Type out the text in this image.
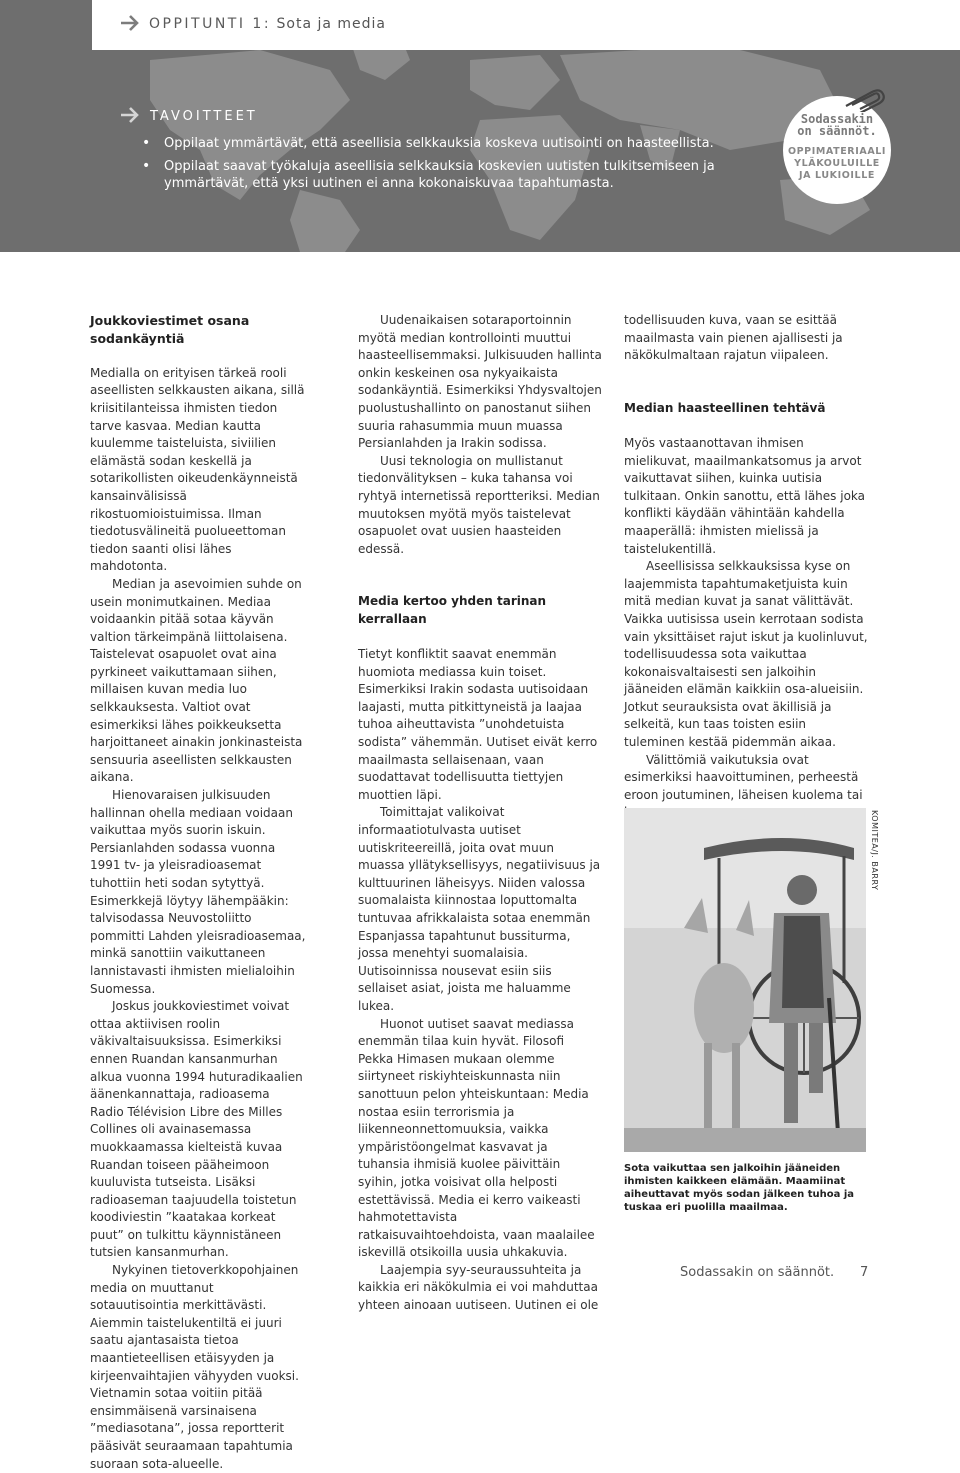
OPPITUNTI 1: Sota ja media
TAVOITTEET
• Oppilaat ymmärtävät, että aseellisia selkkauksia koskeva uutisointi on haasteellista.
• Oppilaat saavat työkaluja aseellisia selkkauksia koskevien uutisten tulkitsemiseen ja ymmärtävät, että yksi uutinen ei anna kokonaiskuvaa tapahtumasta.
Sodassakin
on säännöt.
OPPIMATERIAALI
YLÄKOULUILLE
JA LUKIOILLE
Joukkoviestimet osana sodankäyntiä

Medialla on erityisen tärkeä rooli aseellisten selkkausten aikana, sillä kriisitilanteissa ihmisten tiedon tarve kasvaa. Median kautta kuulemme taisteluista, siviilien elämästä sodan keskellä ja sotarikollisten oikeudenkäynneistä kansainvälisissä rikostuomioistuimissa. Ilman tiedotusvälineitä puolueettoman tiedon saanti olisi lähes mahdotonta.

Median ja asevoimien suhde on usein monimutkainen. Mediaa voidaankin pitää sotaa käyvän valtion tärkeimpänä liittolaisena. Taistelevat osapuolet ovat aina pyrkineet vaikuttamaan siihen, millaisen kuvan media luo selkkauksesta. Valtiot ovat esimerkiksi lähes poikkeuksetta harjoittaneet ainakin jonkinasteista sensuuria aseellisten selkkausten aikana.

Hienovaraisen julkisuuden hallinnan ohella mediaan voidaan vaikuttaa myös suorin iskuin. Persianlahden sodassa vuonna 1991 tv- ja yleisradioasemat tuhottiin heti sodan sytyttyä. Esimerkkejä löytyy lähempääkin: talvisodassa Neuvostoliitto pommitti Lahden yleisradioasemaa, minkä sanottiin vaikuttaneen lannistavasti ihmisten mielialoihin Suomessa.

Joskus joukkoviestimet voivat ottaa aktiivisen roolin väkivaltaisuuksissa. Esimerkiksi ennen Ruandan kansanmurhan alkua vuonna 1994 huturadikaalien äänenkannattaja, radioasema Radio Télévision Libre des Milles Collines oli avainasemassa muokkaamassa kielteistä kuvaa Ruandan toiseen pääheimoon kuuluvista tutseista. Lisäksi radioaseman taajuudella toistetun koodiviestin ”kaatakaa korkeat puut” on tulkittu käynnistäneen tutsien kansanmurhan.

Nykyinen tietoverkkopohjainen media on muuttanut sotauutisointia merkittävästi. Aiemmin taistelukentiltä ei juuri saatu ajantasaista tietoa maantieteellisen etäisyyden ja kirjeenvaihtajien vähyyden vuoksi. Vietnamin sotaa voitiin pitää ensimmäisenä varsinaisena ”mediasotana”, jossa reportterit pääsivät seuraamaan tapahtumia suoraan sota-alueelle.

Uudenaikaisen sotaraportoinnin myötä median kontrollointi muuttui haasteellisemmaksi. Julkisuuden hallinta onkin keskeinen osa nykyaikaista sodankäyntiä. Esimerkiksi Yhdysvaltojen puolustushallinto on panostanut siihen suuria rahasummia muun muassa Persianlahden ja Irakin sodissa.

Uusi teknologia on mullistanut tiedonvälityksen – kuka tahansa voi ryhtyä internetissä reportteriksi. Median muutoksen myötä myös taistelevat osapuolet ovat uusien haasteiden edessä.

Media kertoo yhden tarinan kerrallaan

Tietyt konfliktit saavat enemmän huomiota mediassa kuin toiset. Esimerkiksi Irakin sodasta uutisoidaan laajasti, mutta pitkittyneistä ja laajaa tuhoa aiheuttavista ”unohdetuista sodista” vähemmän. Uutiset eivät kerro maailmasta sellaisenaan, vaan suodattavat todellisuutta tiettyjen muottien läpi.

Toimittajat valikoivat informaatiotulvasta uutiset uutiskriteereillä, joita ovat muun muassa yllätyksellisyys, negatiivisuus ja kulttuurinen läheisyys. Niiden valossa suomalaista kiinnostaa loputtomalta tuntuvaa afrikkalaista sotaa enemmän Espanjassa tapahtunut bussiturma, jossa menehtyi suomalaisia. Uutisoinnissa nousevat esiin siis sellaiset asiat, joista me haluamme lukea.

Huonot uutiset saavat mediassa enemmän tilaa kuin hyvät. Filosofi Pekka Himasen mukaan olemme siirtyneet riskiyhteiskunnasta niin sanottuun pelon yhteiskuntaan: Media nostaa esiin terrorismia ja liikenneonnettomuuksia, vaikka ympäristöongelmat kasvavat ja tuhansia ihmisiä kuolee päivittäin syihin, jotka voisivat olla helposti estettävissä. Media ei kerro vaikeasti hahmotettavista ratkaisuvaihtoehdoista, vaan maalailee iskevillä otsikoilla uusia uhkakuvia.

Laajempia syy-seuraussuhteita ja kaikkia eri näkökulmia ei voi mahduttaa yhteen ainoaan uutiseen. Uutinen ei ole

todellisuuden kuva, vaan se esittää maailmasta vain pienen ajallisesti ja näkökulmaltaan rajatun viipaleen.

Median haasteellinen tehtävä

Myös vastaanottavan ihmisen mielikuvat, maailmankatsomus ja arvot vaikuttavat siihen, kuinka uutisia tulkitaan. Onkin sanottu, että lähes joka konflikti käydään vähintään kahdella maaperällä: ihmisten mielissä ja taistelukentillä.

Aseellisissa selkkauksissa kyse on laajemmista tapahtumaketjuista kuin mitä median kuvat ja sanat välittävät. Vaikka uutisissa usein kerrotaan sodista vain yksittäiset rajut iskut ja kuolinluvut, todellisuudessa sota vaikuttaa kokonaisvaltaisesti sen jalkoihin jääneiden elämän kaikkiin osa-alueisiin. Jotkut seurauksista ovat äkillisiä ja selkeitä, kun taas toisten esiin tuleminen kestää pidemmän aikaa.

Välittömiä vaikutuksia ovat esimerkiksi haavoittuminen, perheestä eroon joutuminen, läheisen kuolema tai

KOMITEA/J. BARRY
Sota vaikuttaa sen jalkoihin jääneiden ihmisten kaikkeen elämään. Maamiinat aiheuttavat myös sodan jälkeen tuhoa ja tuskaa eri puolilla maailmaa.
Sodassakin on säännöt. 7
